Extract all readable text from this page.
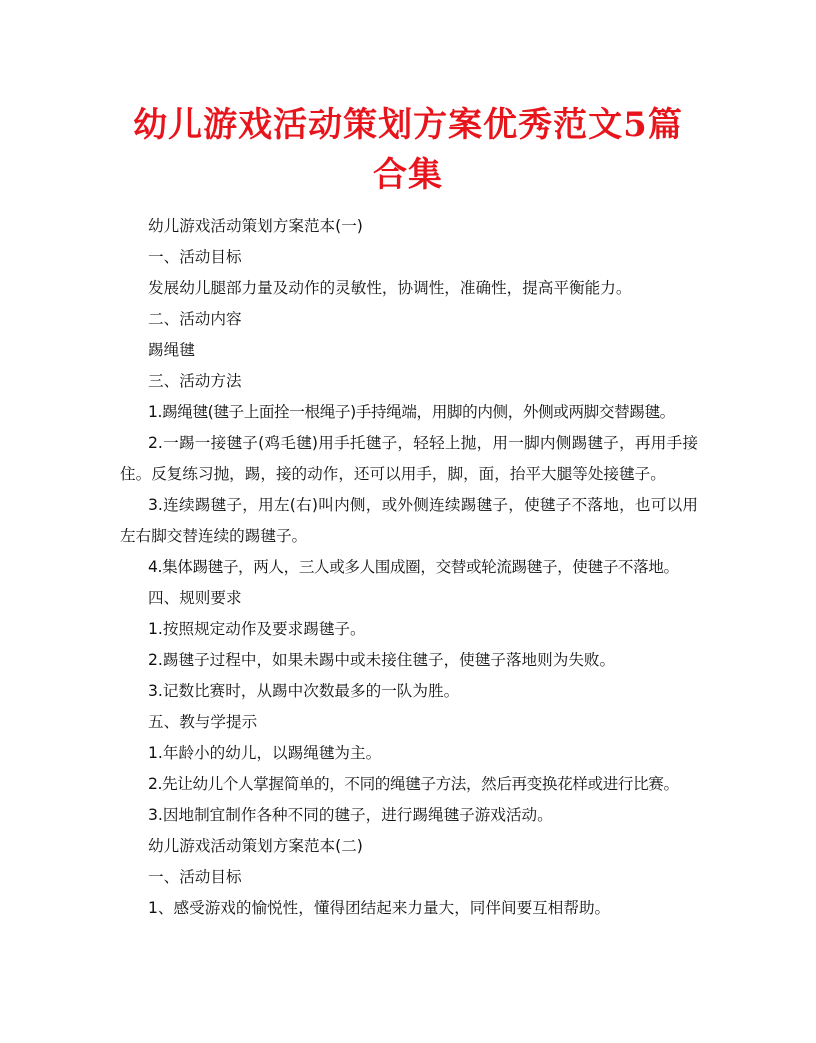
幼儿游戏活动策划方案优秀范文5篇合集

幼儿游戏活动策划方案范本(一)

一、活动目标

发展幼儿腿部力量及动作的灵敏性，协调性，准确性，提高平衡能力。

二、活动内容

踢绳毽

三、活动方法

1.踢绳毽(毽子上面拴一根绳子)手持绳端，用脚的内侧，外侧或两脚交替踢毽。

2.一踢一接毽子(鸡毛毽)用手托毽子，轻轻上抛，用一脚内侧踢毽子，再用手接住。反复练习抛，踢，接的动作，还可以用手，脚，面，抬平大腿等处接毽子。

3.连续踢毽子，用左(右)叫内侧，或外侧连续踢毽子，使毽子不落地，也可以用左右脚交替连续的踢毽子。

4.集体踢毽子，两人，三人或多人围成圈，交替或轮流踢毽子，使毽子不落地。

四、规则要求

1.按照规定动作及要求踢毽子。

2.踢毽子过程中，如果未踢中或未接住毽子，使毽子落地则为失败。

3.记数比赛时，从踢中次数最多的一队为胜。

五、教与学提示

1.年龄小的幼儿，以踢绳毽为主。

2.先让幼儿个人掌握简单的，不同的绳毽子方法，然后再变换花样或进行比赛。

3.因地制宜制作各种不同的毽子，进行踢绳毽子游戏活动。

幼儿游戏活动策划方案范本(二)

一、活动目标

1、感受游戏的愉悦性，懂得团结起来力量大，同伴间要互相帮助。
